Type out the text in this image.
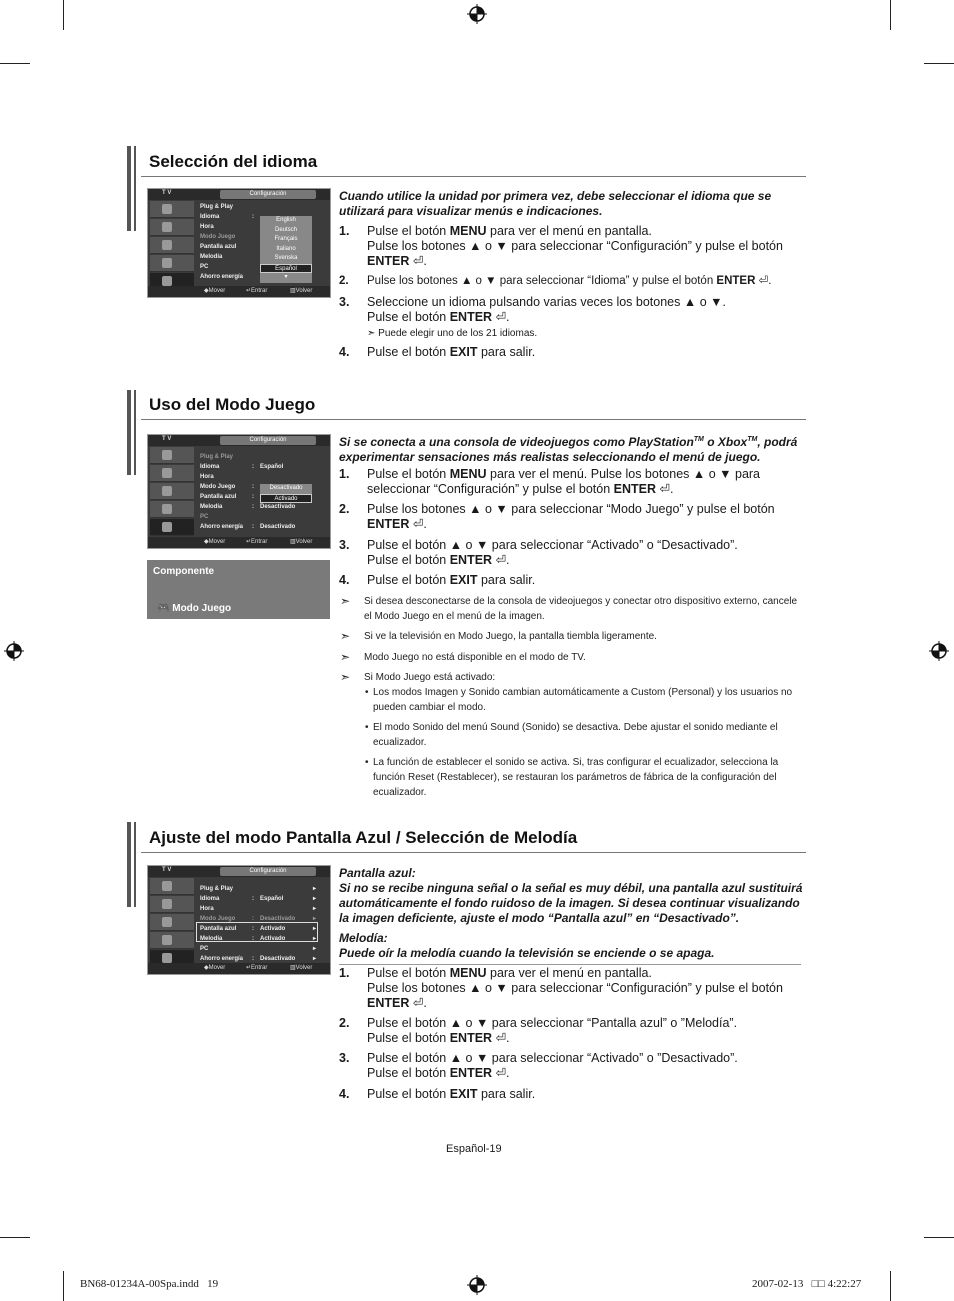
Selección del idioma
T V	Configuración
Plug & Play
Idioma	:
Hora
Modo Juego
Pantalla azul
Melodía
PC
Ahorro energía
English
Deutsch
Français
Italiano
Svenska
Español
▾
◆ Mover	↵ Entrar	▥ Volver
Cuando utilice la unidad por primera vez, debe seleccionar el idioma que se utilizará para visualizar menús e indicaciones.
1. Pulse el botón MENU para ver el menú en pantalla.
Pulse los botones ▲ o ▼ para seleccionar “Configuración” y pulse el botón ENTER ⏎.
2. Pulse los botones ▲ o ▼ para seleccionar “Idioma” y pulse el botón ENTER ⏎.
3. Seleccione un idioma pulsando varias veces los botones ▲ o ▼.
Pulse el botón ENTER ⏎.
➣ Puede elegir uno de los 21 idiomas.
4. Pulse el botón EXIT para salir.
Uso del Modo Juego
T V	Configuración
Plug & Play
Idioma	: Español
Hora
Modo Juego	:
Pantalla azul	:
Melodía	: Desactivado
PC
Ahorro energía : Desactivado
Desactivado
Activado
◆ Mover	↵ Entrar	▥ Volver
Componente
🎮 Modo Juego
Si se conecta a una consola de videojuegos como PlayStation™ o Xbox™, podrá experimentar sensaciones más realistas seleccionando el menú de juego.
1. Pulse el botón MENU para ver el menú. Pulse los botones ▲ o ▼ para seleccionar “Configuración” y pulse el botón ENTER ⏎.
2. Pulse los botones ▲ o ▼ para seleccionar “Modo Juego” y pulse el botón ENTER ⏎.
3. Pulse el botón ▲ o ▼ para seleccionar “Activado” o “Desactivado”.
Pulse el botón ENTER ⏎.
4. Pulse el botón EXIT para salir.
➣ Si desea desconectarse de la consola de videojuegos y conectar otro dispositivo externo, cancele el Modo Juego en el menú de la imagen.
➣ Si ve la televisión en Modo Juego, la pantalla tiembla ligeramente.
➣ Modo Juego no está disponible en el modo de TV.
➣ Si Modo Juego está activado:
• Los modos Imagen y Sonido cambian automáticamente a Custom (Personal) y los usuarios no pueden cambiar el modo.
• El modo Sonido del menú Sound (Sonido) se desactiva. Debe ajustar el sonido mediante el ecualizador.
• La función de establecer el sonido se activa. Si, tras configurar el ecualizador, selecciona la función Reset (Restablecer), se restauran los parámetros de fábrica de la configuración del ecualizador.
Ajuste del modo Pantalla Azul / Selección de Melodía
T V	Configuración
Plug & Play	▸
Idioma	: Español	▸
Hora	▸
Modo Juego	: Desactivado	▸
Pantalla azul	: Activado	▸
Melodía	: Activado	▸
PC	▸
Ahorro energía : Desactivado	▸
◆ Mover	↵ Entrar	▥ Volver
Pantalla azul:
Si no se recibe ninguna señal o la señal es muy débil, una pantalla azul sustituirá automáticamente el fondo ruidoso de la imagen. Si desea continuar visualizando la imagen deficiente, ajuste el modo “Pantalla azul” en “Desactivado”.
Melodía:
Puede oír la melodía cuando la televisión se enciende o se apaga.
1. Pulse el botón MENU para ver el menú en pantalla.
Pulse los botones ▲ o ▼ para seleccionar “Configuración” y pulse el botón ENTER ⏎.
2. Pulse el botón ▲ o ▼ para seleccionar “Pantalla azul” o ”Melodía”.
Pulse el botón ENTER ⏎.
3. Pulse el botón ▲ o ▼ para seleccionar “Activado” o ”Desactivado”.
Pulse el botón ENTER ⏎.
4. Pulse el botón EXIT para salir.
Español-19
BN68-01234A-00Spa.indd   19	2007-02-13   □□ 4:22:27
